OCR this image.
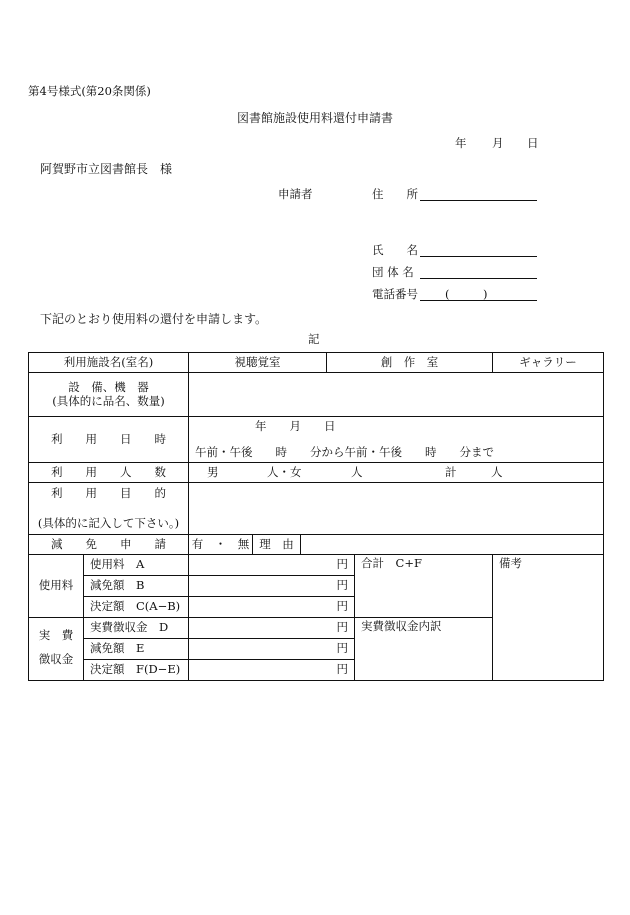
第4号様式(第20条関係)
図書館施設使用料還付申請書
年 月 日
阿賀野市立図書館長　様
申請者	住　　所
氏　　名
団 体 名
電話番号 (	)
下記のとおり使用料の還付を申請します。
記
利用施設名(室名)		視聴覚室			創　作　室		ギャラリー

設　備、機　器
(具体的に品名、数量)							

利　　用　　日　　時		年　　月　　日
午前・午後　　時　　分から午前・午後　　時　　分まで					

利　　用　　人　　数		男 人・女 人 計 人					

利　　用　　目　　的
(具体的に記入して下さい。)							

減　　免　　申　　請		有　・　無	理　由				
使用料	使用料　A	円				合計　C+F	備考
	減免額　B	円					
	決定額　C(A−B)	円					

実　費
徴収金	実費徴収金　D	円				実費徴収金内訳	
	減免額　E	円					
	決定額　F(D−E)	円					
